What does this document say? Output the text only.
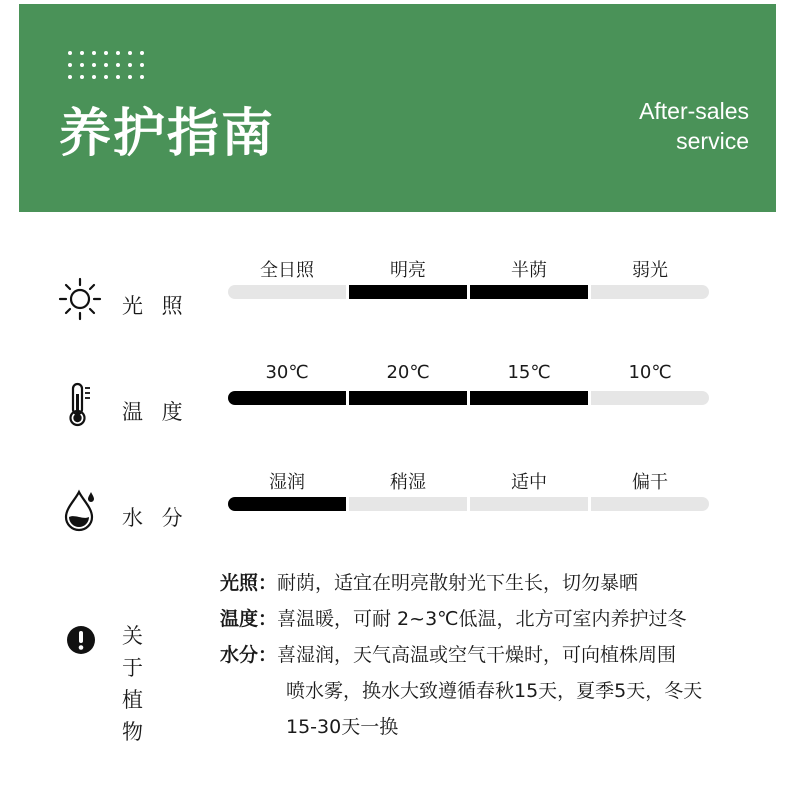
养护指南	After-sales
service
光 照
全日照	明亮	半荫	弱光
温 度
30℃	20℃	15℃	10℃
水 分
湿润	稍湿	适中	偏干
关 于
植 物
光照：耐荫，适宜在明亮散射光下生长，切勿暴晒
温度：喜温暖，可耐 2~3℃低温，北方可室内养护过冬
水分：喜湿润，天气高温或空气干燥时，可向植株周围
喷水雾，换水大致遵循春秋15天，夏季5天，冬天
15-30天一换
